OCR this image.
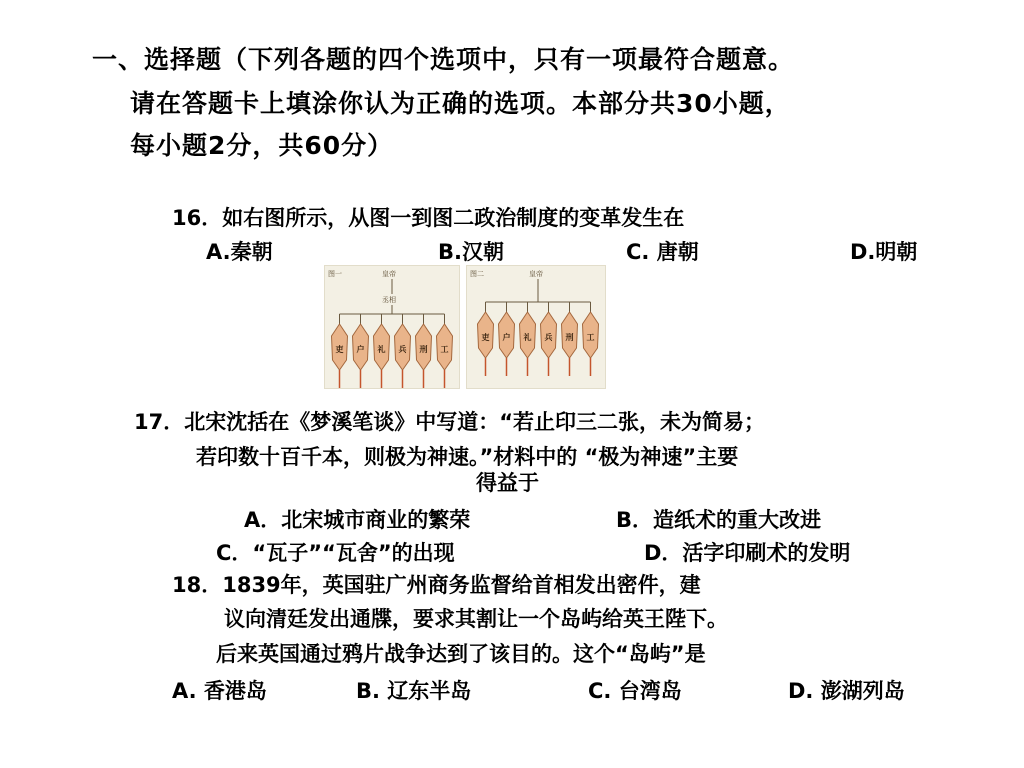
一、选择题（下列各题的四个选项中，只有一项最符合题意。
请在答题卡上填涂你认为正确的选项。本部分共30小题，
每小题2分，共60分）
16．如右图所示，从图一到图二政治制度的变革发生在
A.秦朝	B.汉朝	C. 唐朝	D.明朝
图一	皇帝
丞相
吏 户 礼 兵 刑 工
图二	皇帝
吏 户 礼 兵 刑 工
17．北宋沈括在《梦溪笔谈》中写道：“若止印三二张，未为简易；
若印数十百千本，则极为神速。”材料中的 “极为神速”主要
得益于
A．北宋城市商业的繁荣	B．造纸术的重大改进
C．“瓦子”“瓦舍”的出现	D．活字印刷术的发明
18．1839年，英国驻广州商务监督给首相发出密件，建
议向清廷发出通牒，要求其割让一个岛屿给英王陛下。
后来英国通过鸦片战争达到了该目的。这个“岛屿”是
A. 香港岛	B. 辽东半岛	C. 台湾岛	D. 澎湖列岛
